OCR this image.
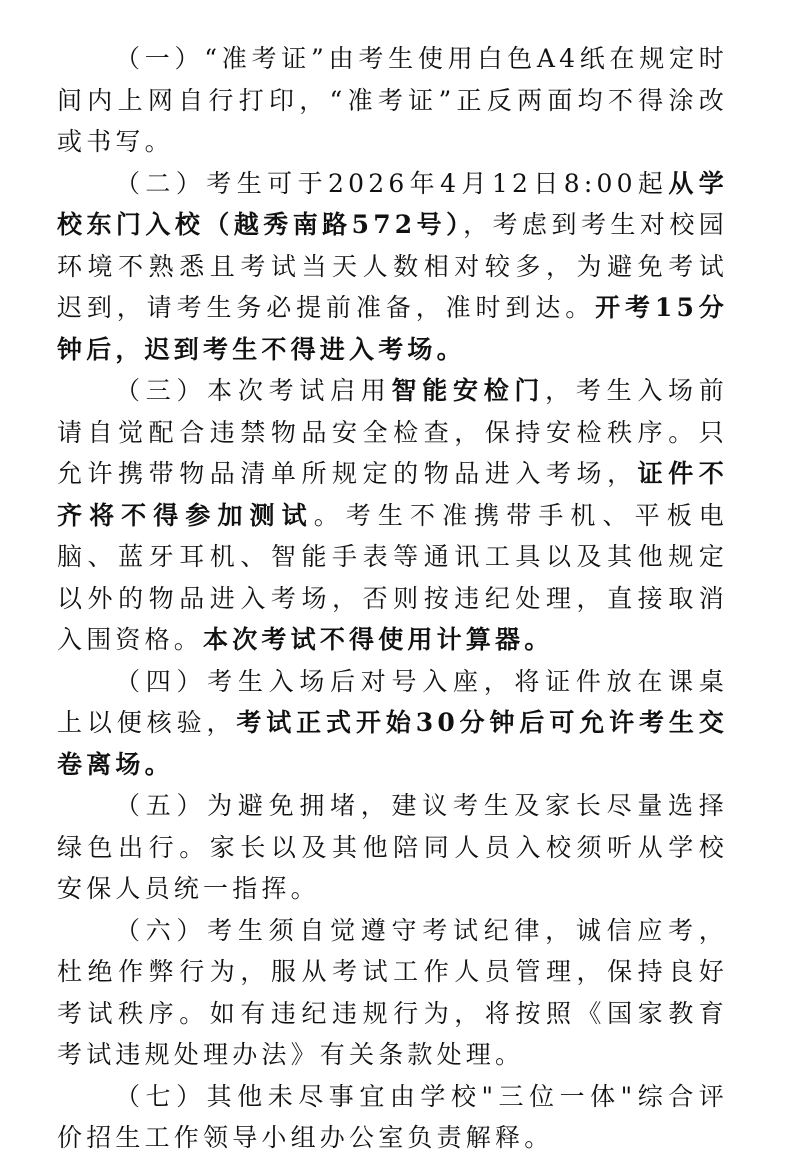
（一）“准考证”由考生使用白色A4纸在规定时间内上网自行打印，“准考证”正反两面均不得涂改或书写。

（二）考生可于2026年4月12日8:00起从学校东门入校（越秀南路572号），考虑到考生对校园环境不熟悉且考试当天人数相对较多，为避免考试迟到，请考生务必提前准备，准时到达。开考15分钟后，迟到考生不得进入考场。

（三）本次考试启用智能安检门，考生入场前请自觉配合违禁物品安全检查，保持安检秩序。只允许携带物品清单所规定的物品进入考场，证件不齐将不得参加测试。考生不准携带手机、平板电脑、蓝牙耳机、智能手表等通讯工具以及其他规定以外的物品进入考场，否则按违纪处理，直接取消入围资格。本次考试不得使用计算器。

（四）考生入场后对号入座，将证件放在课桌上以便核验，考试正式开始30分钟后可允许考生交卷离场。

（五）为避免拥堵，建议考生及家长尽量选择绿色出行。家长以及其他陪同人员入校须听从学校安保人员统一指挥。

（六）考生须自觉遵守考试纪律，诚信应考，杜绝作弊行为，服从考试工作人员管理，保持良好考试秩序。如有违纪违规行为，将按照《国家教育考试违规处理办法》有关条款处理。

（七）其他未尽事宜由学校"三位一体"综合评价招生工作领导小组办公室负责解释。
